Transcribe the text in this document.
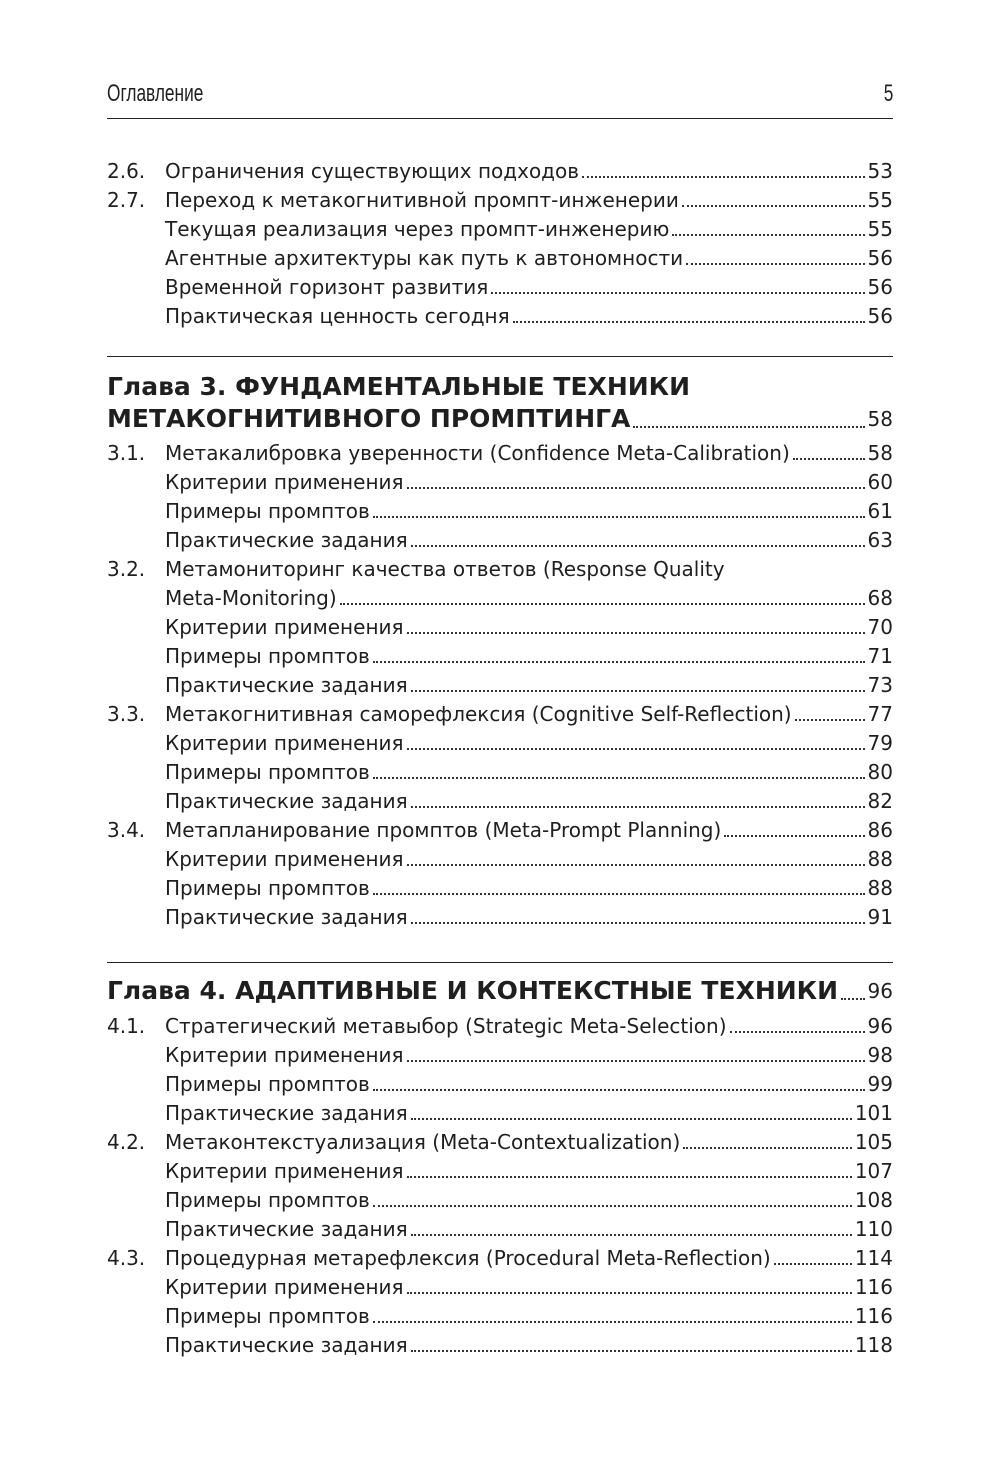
Оглавление	5
2.6. Ограничения существующих подходов	53
2.7. Переход к метакогнитивной промпт-инженерии	55
Текущая реализация через промпт-инженерию	55
Агентные архитектуры как путь к автономности	56
Временной горизонт развития	56
Практическая ценность сегодня	56
Глава 3. ФУНДАМЕНТАЛЬНЫЕ ТЕХНИКИ
МЕТАКОГНИТИВНОГО ПРОМПТИНГА	58
3.1. Метакалибровка уверенности (Confidence Meta-Calibration)	58
Критерии применения	60
Примеры промптов	61
Практические задания	63
3.2. Метамониторинг качества ответов (Response Quality
Meta-Monitoring)	68
Критерии применения	70
Примеры промптов	71
Практические задания	73
3.3. Метакогнитивная саморефлексия (Cognitive Self-Reflection)	77
Критерии применения	79
Примеры промптов	80
Практические задания	82
3.4. Метапланирование промптов (Meta-Prompt Planning)	86
Критерии применения	88
Примеры промптов	88
Практические задания	91
Глава 4. АДАПТИВНЫЕ И КОНТЕКСТНЫЕ ТЕХНИКИ 96
4.1. Стратегический метавыбор (Strategic Meta-Selection)	96
Критерии применения	98
Примеры промптов	99
Практические задания	101
4.2. Метаконтекстуализация (Meta-Contextualization)	105
Критерии применения	107
Примеры промптов	108
Практические задания	110
4.3. Процедурная метарефлексия (Procedural Meta-Reflection)	114
Критерии применения	116
Примеры промптов	116
Практические задания	118
